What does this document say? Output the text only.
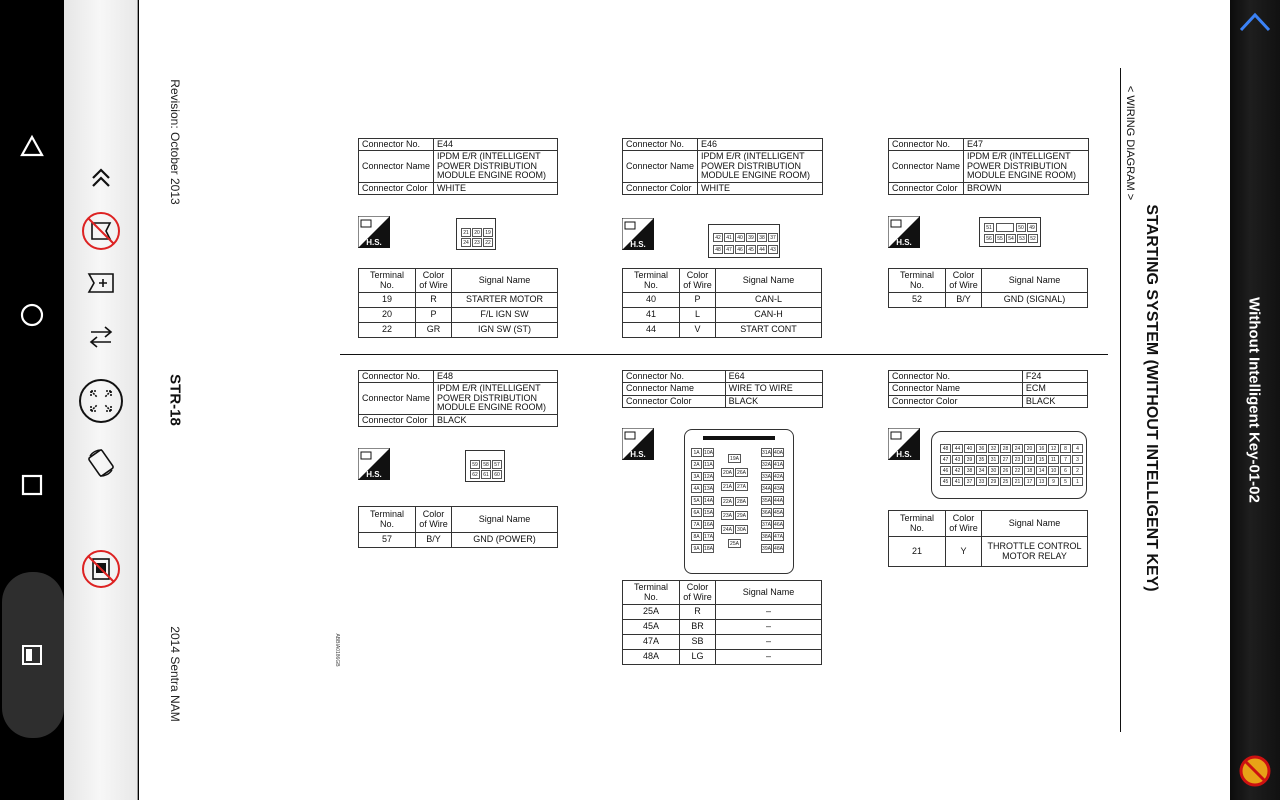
Revision: October 2013
STR-18
2014 Sentra NAM	ABBIA0186GB
STARTING SYSTEM (WITHOUT INTELLIGENT KEY)
< WIRING DIAGRAM >
Connector No.	E44
Connector Name	IPDM E/R (INTELLIGENT POWER DISTRIBUTION MODULE ENGINE ROOM)
Connector Color	WHITE
H.S.
21	20	19
24	23	22
Terminal No.	Color of Wire	Signal Name
19	R	STARTER MOTOR
20	P	F/L IGN SW
22	GR	IGN SW (ST)
Connector No.	E46
Connector Name	IPDM E/R (INTELLIGENT POWER DISTRIBUTION MODULE ENGINE ROOM)
Connector Color	WHITE
H.S.
42	41	40	39	38	37
48	47	46	45	44	43
Terminal No.	Color of Wire	Signal Name
40	P	CAN-L
41	L	CAN-H
44	V	START CONT
Connector No.	E47
Connector Name	IPDM E/R (INTELLIGENT POWER DISTRIBUTION MODULE ENGINE ROOM)
Connector Color	BROWN
H.S.
51	50	49
56	55	54	53	52
Terminal No.	Color of Wire	Signal Name
52	B/Y	GND (SIGNAL)
Connector No.	E48
Connector Name	IPDM E/R (INTELLIGENT POWER DISTRIBUTION MODULE ENGINE ROOM)
Connector Color	BLACK
H.S.
59	58	57
62	61	60
Terminal No.	Color of Wire	Signal Name
57	B/Y	GND (POWER)
Connector No.	E64
Connector Name	WIRE TO WIRE
Connector Color	BLACK
H.S.	1A 10A
2A 11A
3A 12A
4A 13A
5A 14A
6A 15A
7A 16A
8A 17A
9A 18A
31A 40A
32A 41A
33A 42A
34A 43A
35A 44A
36A 45A
37A 46A
38A 47A
39A 48A
19A
20A	26A
21A	27A
22A	28A
23A	29A
24A	30A
25A
Terminal No.	Color of Wire	Signal Name
25A	R	–
45A	BR	–
47A	SB	–
48A	LG	–
Connector No.	F24
Connector Name	ECM
Connector Color	BLACK
H.S.
48	44	40	36	32	28	24	20	16	12	8	4
47	43	39	35	31	27	23	19	15	11	7	3
46	42	38	34	30	26	22	18	14	10	6	2
45	41	37	33	29	25	21	17	13	9	5	1
Terminal No.	Color of Wire	Signal Name
21	Y	THROTTLE CONTROL MOTOR RELAY
Without Intelligent Key-01-02
